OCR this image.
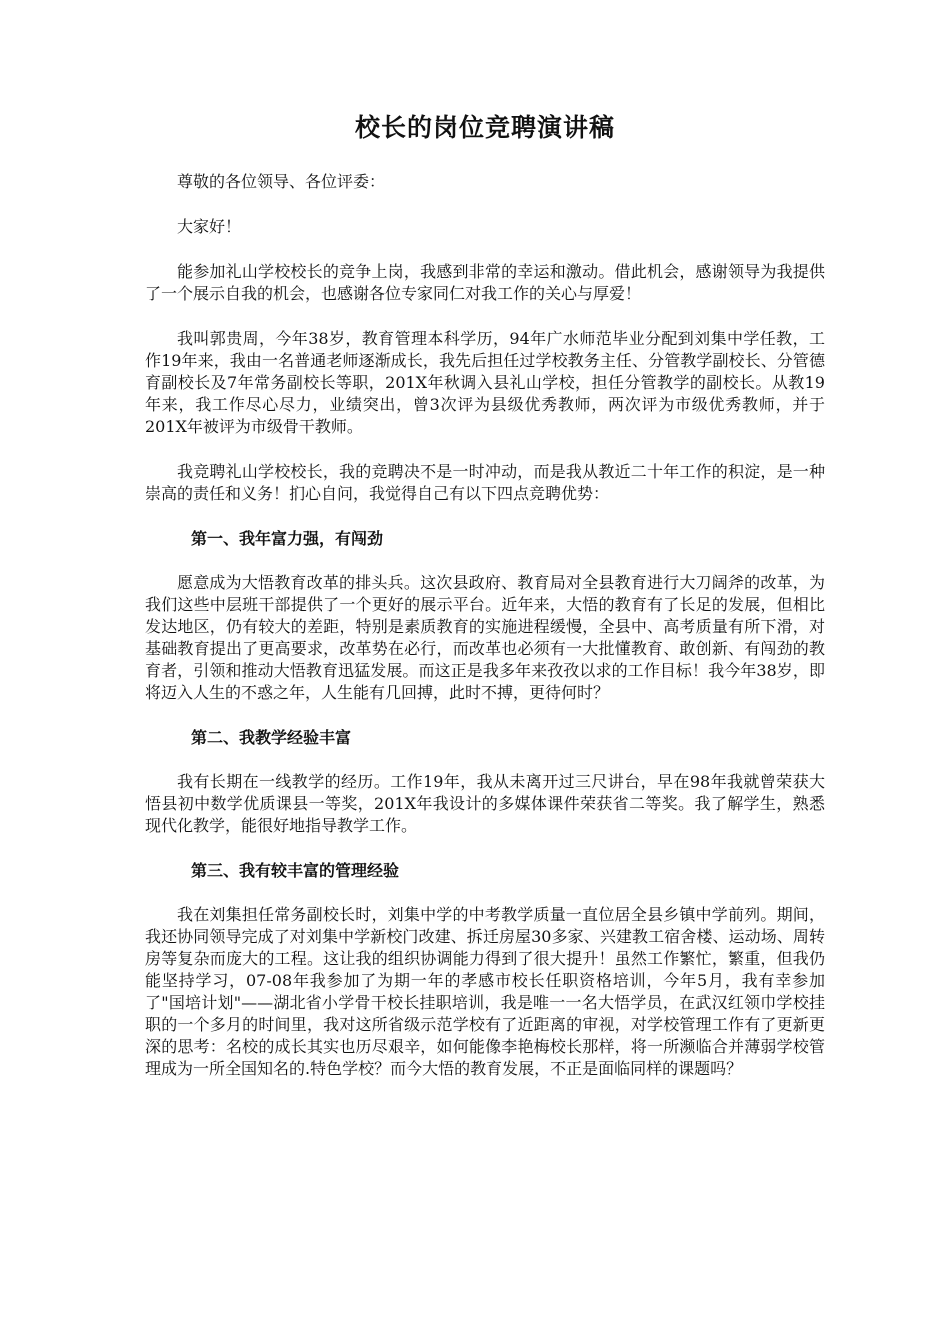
校长的岗位竞聘演讲稿

尊敬的各位领导、各位评委：

大家好！

能参加礼山学校校长的竞争上岗，我感到非常的幸运和激动。借此机会，感谢领导为我提供了一个展示自我的机会，也感谢各位专家同仁对我工作的关心与厚爱！

我叫郭贵周，今年38岁，教育管理本科学历，94年广水师范毕业分配到刘集中学任教，工作19年来，我由一名普通老师逐渐成长，我先后担任过学校教务主任、分管教学副校长、分管德育副校长及7年常务副校长等职，201X年秋调入县礼山学校，担任分管教学的副校长。从教19年来，我工作尽心尽力，业绩突出，曾3次评为县级优秀教师，两次评为市级优秀教师，并于201X年被评为市级骨干教师。

我竞聘礼山学校校长，我的竞聘决不是一时冲动，而是我从教近二十年工作的积淀，是一种崇高的责任和义务！扪心自问，我觉得自己有以下四点竞聘优势：

第一、我年富力强，有闯劲

愿意成为大悟教育改革的排头兵。这次县政府、教育局对全县教育进行大刀阔斧的改革，为我们这些中层班干部提供了一个更好的展示平台。近年来，大悟的教育有了长足的发展，但相比发达地区，仍有较大的差距，特别是素质教育的实施进程缓慢，全县中、高考质量有所下滑，对基础教育提出了更高要求，改革势在必行，而改革也必须有一大批懂教育、敢创新、有闯劲的教育者，引领和推动大悟教育迅猛发展。而这正是我多年来孜孜以求的工作目标！我今年38岁，即将迈入人生的不惑之年，人生能有几回搏，此时不搏，更待何时？

第二、我教学经验丰富

我有长期在一线教学的经历。工作19年，我从未离开过三尺讲台，早在98年我就曾荣获大悟县初中数学优质课县一等奖，201X年我设计的多媒体课件荣获省二等奖。我了解学生，熟悉现代化教学，能很好地指导教学工作。

第三、我有较丰富的管理经验

我在刘集担任常务副校长时，刘集中学的中考教学质量一直位居全县乡镇中学前列。期间，我还协同领导完成了对刘集中学新校门改建、拆迁房屋30多家、兴建教工宿舍楼、运动场、周转房等复杂而庞大的工程。这让我的组织协调能力得到了很大提升！虽然工作繁忙，繁重，但我仍能坚持学习，07-08年我参加了为期一年的孝感市校长任职资格培训，今年5月，我有幸参加了"国培计划"——湖北省小学骨干校长挂职培训，我是唯一一名大悟学员，在武汉红领巾学校挂职的一个多月的时间里，我对这所省级示范学校有了近距离的审视，对学校管理工作有了更新更深的思考：名校的成长其实也历尽艰辛，如何能像李艳梅校长那样，将一所濒临合并薄弱学校管理成为一所全国知名的.特色学校？而今大悟的教育发展，不正是面临同样的课题吗？
